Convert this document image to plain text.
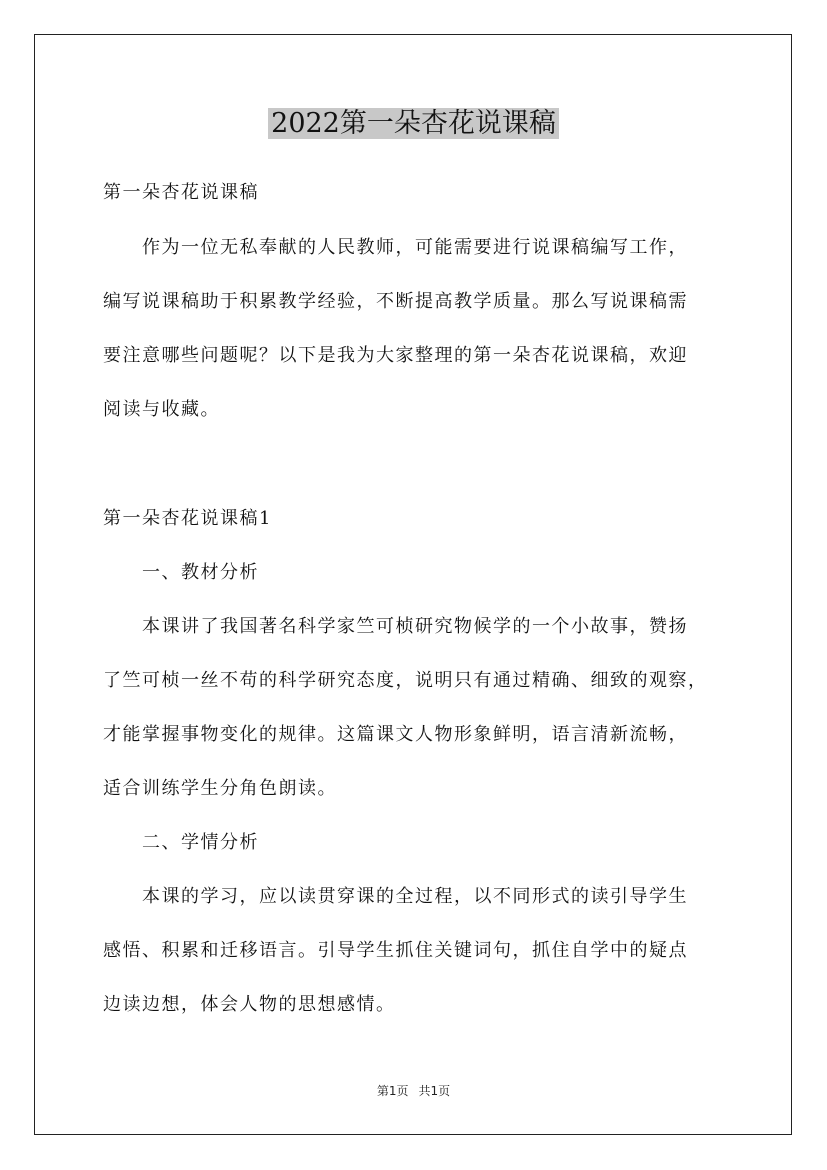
2022第一朵杏花说课稿

第一朵杏花说课稿

作为一位无私奉献的人民教师，可能需要进行说课稿编写工作，

编写说课稿助于积累教学经验，不断提高教学质量。那么写说课稿需

要注意哪些问题呢？以下是我为大家整理的第一朵杏花说课稿，欢迎

阅读与收藏。

第一朵杏花说课稿1

一、教材分析

本课讲了我国著名科学家竺可桢研究物候学的一个小故事，赞扬

了竺可桢一丝不苟的科学研究态度，说明只有通过精确、细致的观察，

才能掌握事物变化的规律。这篇课文人物形象鲜明，语言清新流畅，

适合训练学生分角色朗读。

二、学情分析

本课的学习，应以读贯穿课的全过程，以不同形式的读引导学生

感悟、积累和迁移语言。引导学生抓住关键词句，抓住自学中的疑点

边读边想，体会人物的思想感情。

第1页 共1页
